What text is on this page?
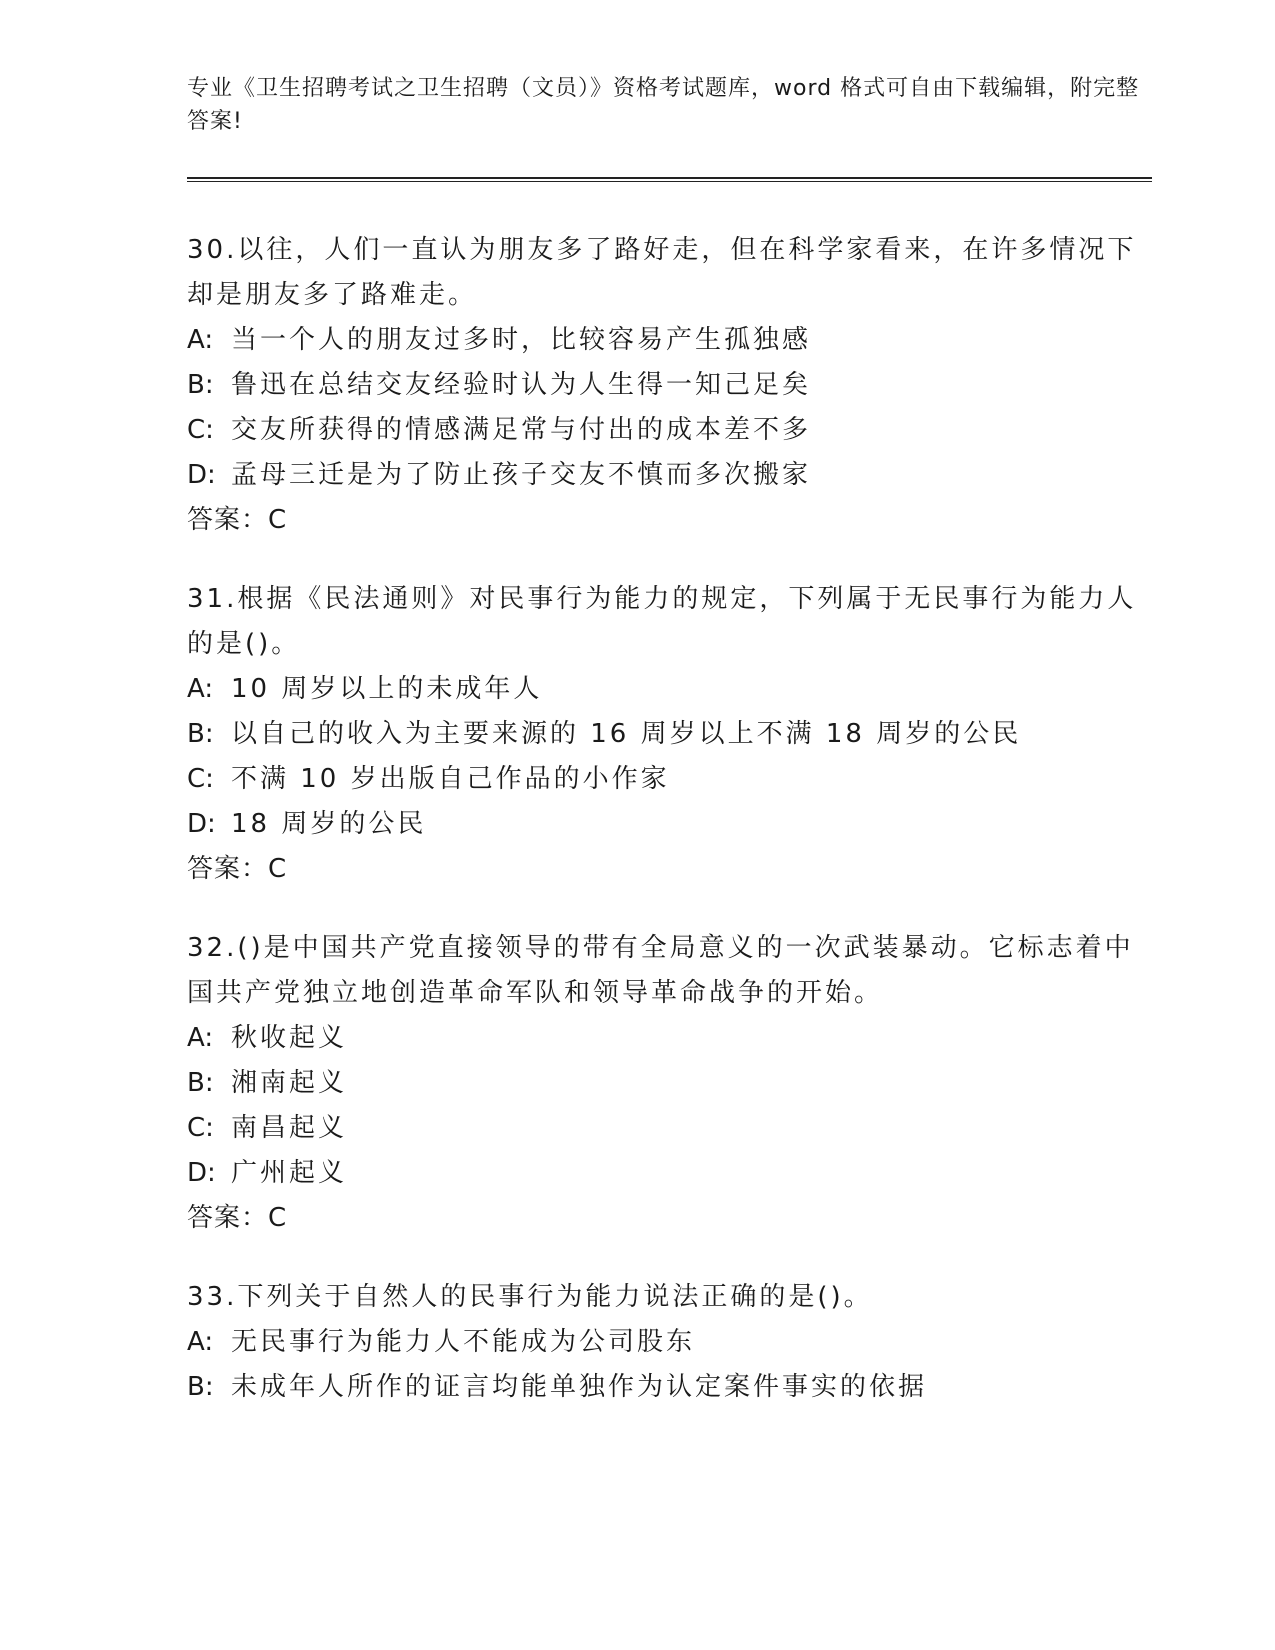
专业《卫生招聘考试之卫生招聘（文员）》资格考试题库，word 格式可自由下载编辑，附完整答案!

30.以往，人们一直认为朋友多了路好走，但在科学家看来，在许多情况下却是朋友多了路难走。

A: 当一个人的朋友过多时，比较容易产生孤独感

B: 鲁迅在总结交友经验时认为人生得一知己足矣

C: 交友所获得的情感满足常与付出的成本差不多

D: 孟母三迁是为了防止孩子交友不慎而多次搬家

答案：C

31.根据《民法通则》对民事行为能力的规定，下列属于无民事行为能力人的是()。

A: 10 周岁以上的未成年人

B: 以自己的收入为主要来源的 16 周岁以上不满 18 周岁的公民

C: 不满 10 岁出版自己作品的小作家

D: 18 周岁的公民

答案：C

32.()是中国共产党直接领导的带有全局意义的一次武装暴动。它标志着中国共产党独立地创造革命军队和领导革命战争的开始。

A: 秋收起义

B: 湘南起义

C: 南昌起义

D: 广州起义

答案：C

33.下列关于自然人的民事行为能力说法正确的是()。

A: 无民事行为能力人不能成为公司股东

B: 未成年人所作的证言均能单独作为认定案件事实的依据
